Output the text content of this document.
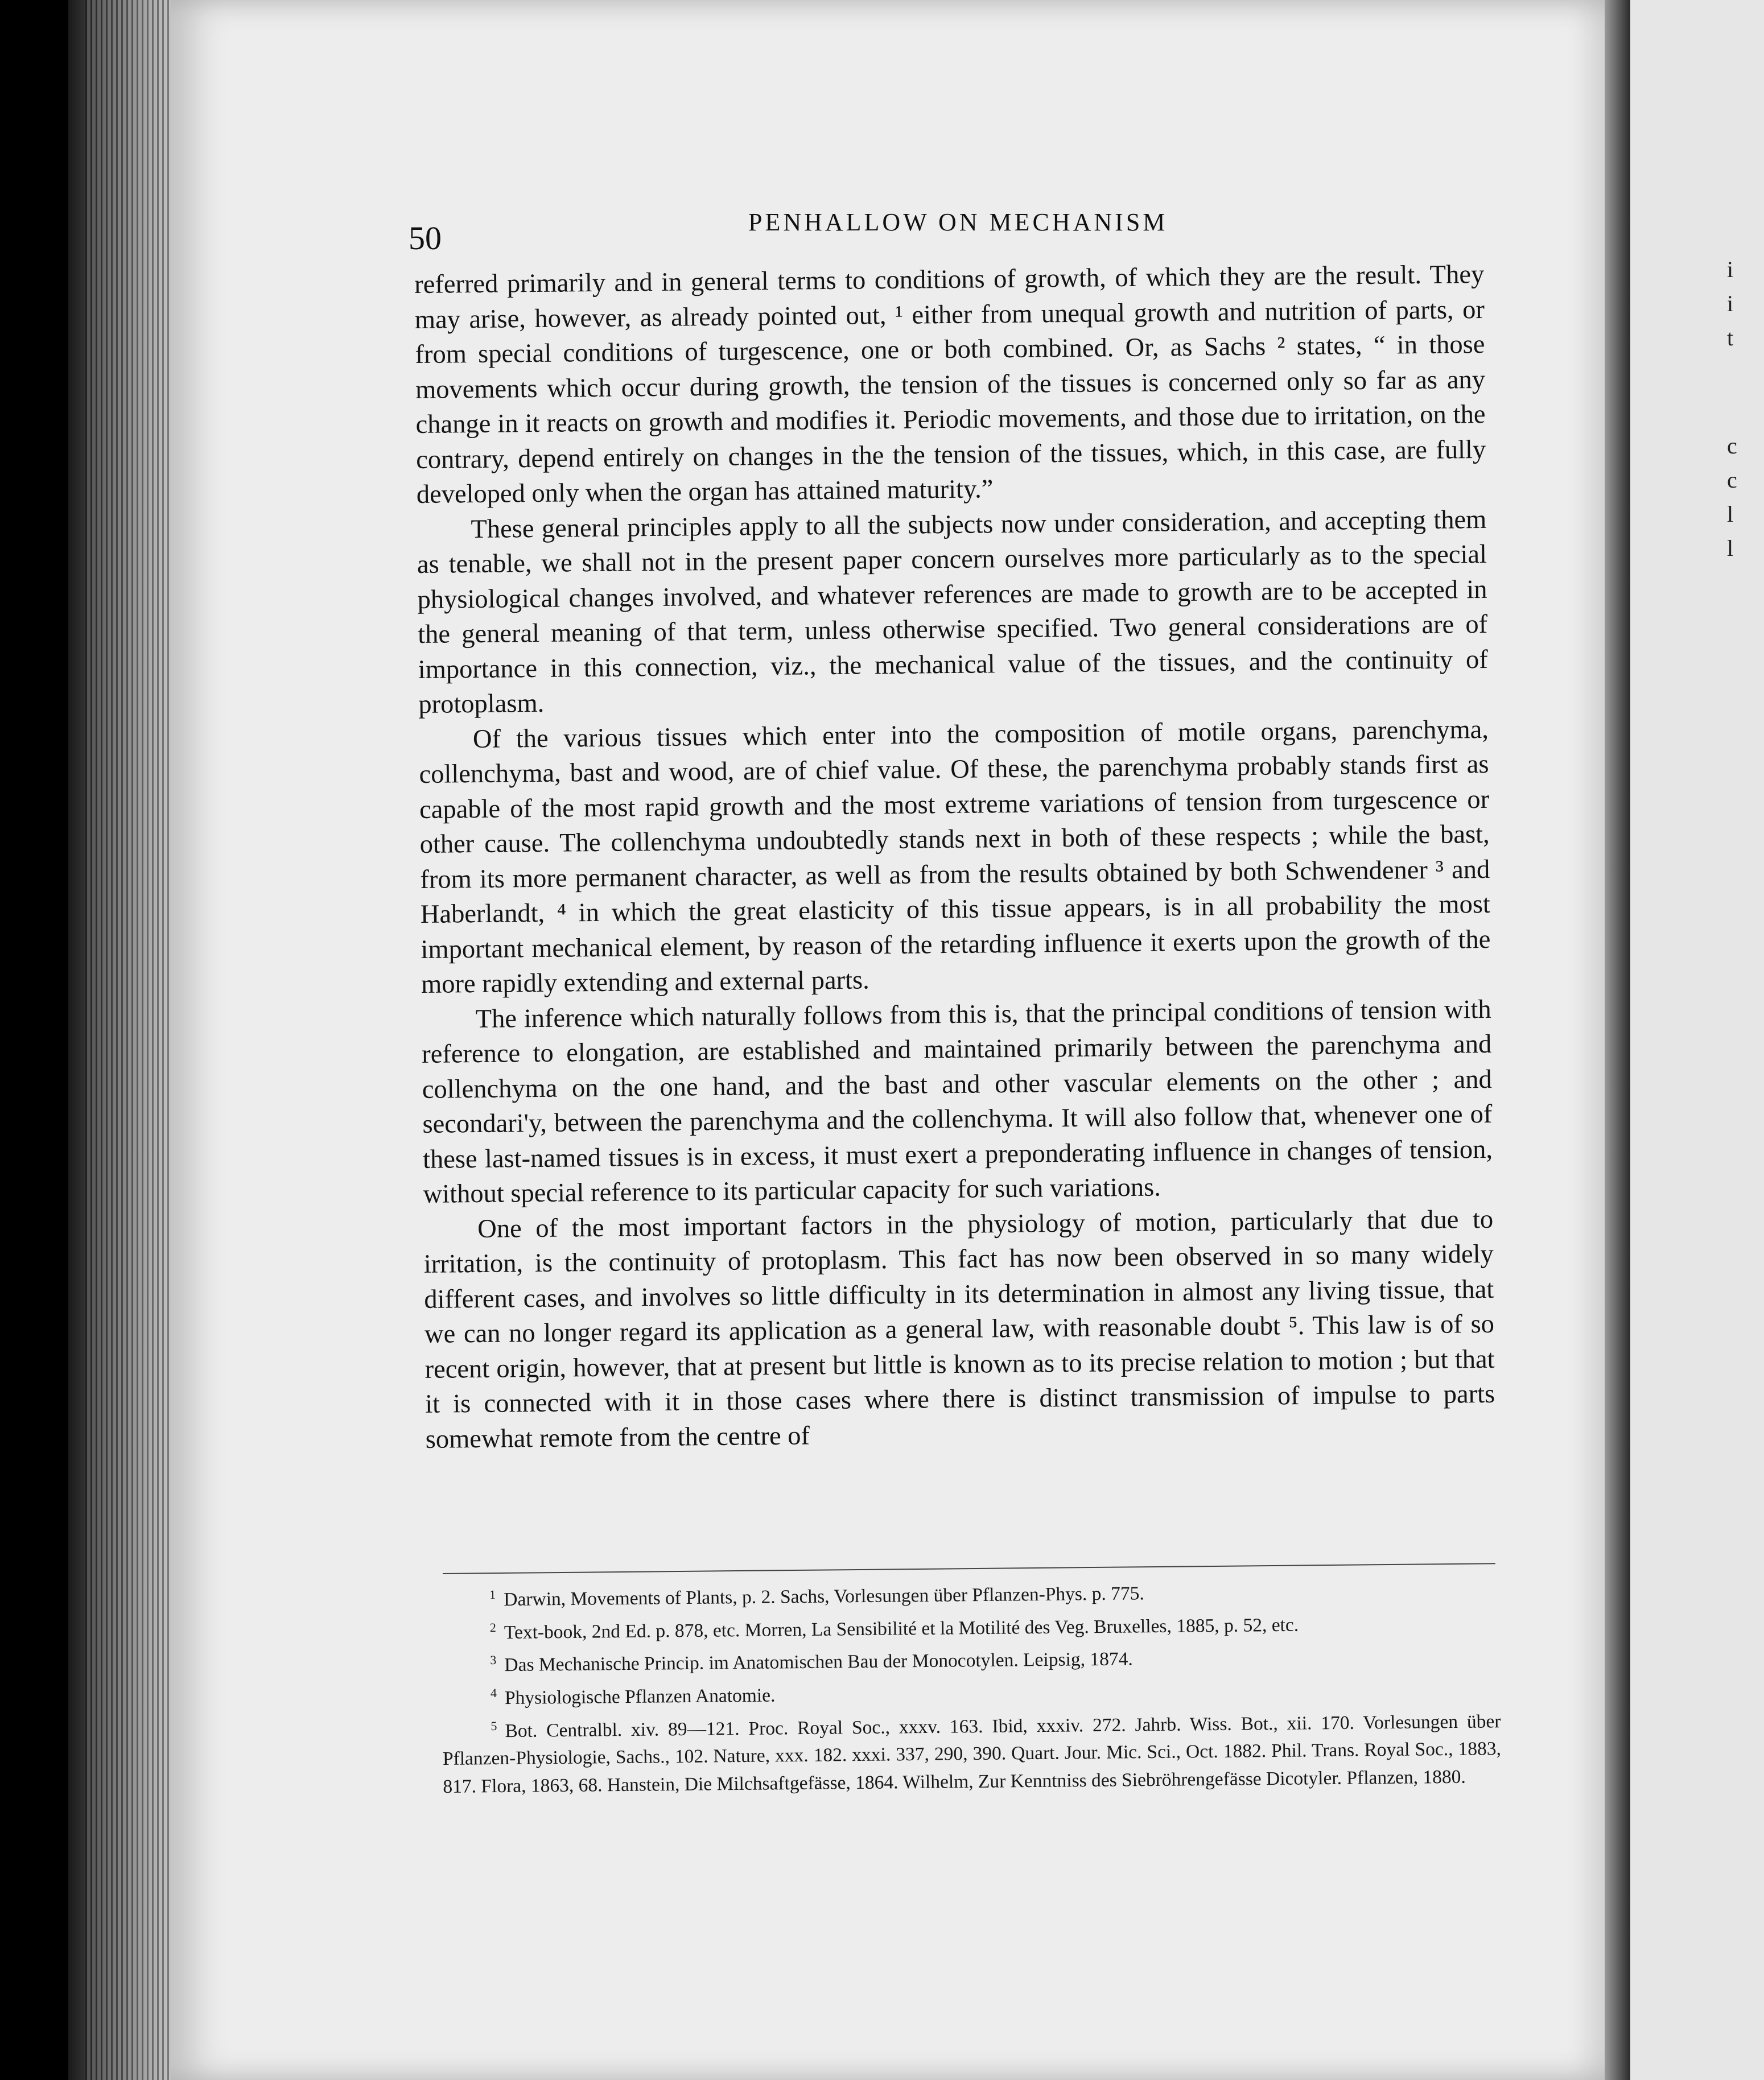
i
i
t
c
c
l
l
50	PENHALLOW ON MECHANISM

referred primarily and in general terms to conditions of growth, of which they are the result. They may arise, however, as already pointed out, ¹ either from unequal growth and nutrition of parts, or from special conditions of turgescence, one or both combined. Or, as Sachs ² states, “ in those movements which occur during growth, the tension of the tissues is concerned only so far as any change in it reacts on growth and modifies it. Periodic movements, and those due to irritation, on the contrary, depend entirely on changes in the the tension of the tissues, which, in this case, are fully developed only when the organ has attained maturity.”

These general principles apply to all the subjects now under consideration, and accepting them as tenable, we shall not in the present paper concern ourselves more particularly as to the special physiological changes involved, and whatever references are made to growth are to be accepted in the general meaning of that term, unless otherwise specified. Two general considerations are of importance in this connection, viz., the mechanical value of the tissues, and the continuity of protoplasm.

Of the various tissues which enter into the composition of motile organs, parenchyma, collenchyma, bast and wood, are of chief value. Of these, the parenchyma probably stands first as capable of the most rapid growth and the most extreme variations of tension from turgescence or other cause. The collenchyma undoubtedly stands next in both of these respects ; while the bast, from its more permanent character, as well as from the results obtained by both Schwendener ³ and Haberlandt, ⁴ in which the great elasticity of this tissue appears, is in all probability the most important mechanical element, by reason of the retarding influence it exerts upon the growth of the more rapidly extending and external parts.

The inference which naturally follows from this is, that the principal conditions of tension with reference to elongation, are established and maintained primarily between the parenchyma and collenchyma on the one hand, and the bast and other vascular elements on the other ; and secondari'y, between the parenchyma and the collenchyma. It will also follow that, whenever one of these last-named tissues is in excess, it must exert a preponderating influence in changes of tension, without special reference to its particular capacity for such variations.

One of the most important factors in the physiology of motion, particularly that due to irritation, is the continuity of protoplasm. This fact has now been observed in so many widely different cases, and involves so little difficulty in its determination in almost any living tissue, that we can no longer regard its application as a general law, with reasonable doubt ⁵. This law is of so recent origin, however, that at present but little is known as to its precise relation to motion ; but that it is connected with it in those cases where there is distinct transmission of impulse to parts somewhat remote from the centre of

$^1$ Darwin, Movements of Plants, p. 2. Sachs, Vorlesungen über Pflanzen-Phys. p. 775.

$^2$ Text-book, 2nd Ed. p. 878, etc. Morren, La Sensibilité et la Motilité des Veg. Bruxelles, 1885, p. 52, etc.

$^3$ Das Mechanische Princip. im Anatomischen Bau der Monocotylen. Leipsig, 1874.

$^4$ Physiologische Pflanzen Anatomie.

$^5$ Bot. Centralbl. xiv. 89—121. Proc. Royal Soc., xxxv. 163. Ibid, xxxiv. 272. Jahrb. Wiss. Bot., xii. 170. Vorlesungen über Pflanzen-Physiologie, Sachs., 102. Nature, xxx. 182. xxxi. 337, 290, 390. Quart. Jour. Mic. Sci., Oct. 1882. Phil. Trans. Royal Soc., 1883, 817. Flora, 1863, 68. Hanstein, Die Milchsaftgefässe, 1864. Wilhelm, Zur Kenntniss des Siebröhrengefässe Dicotyler. Pflanzen, 1880.
